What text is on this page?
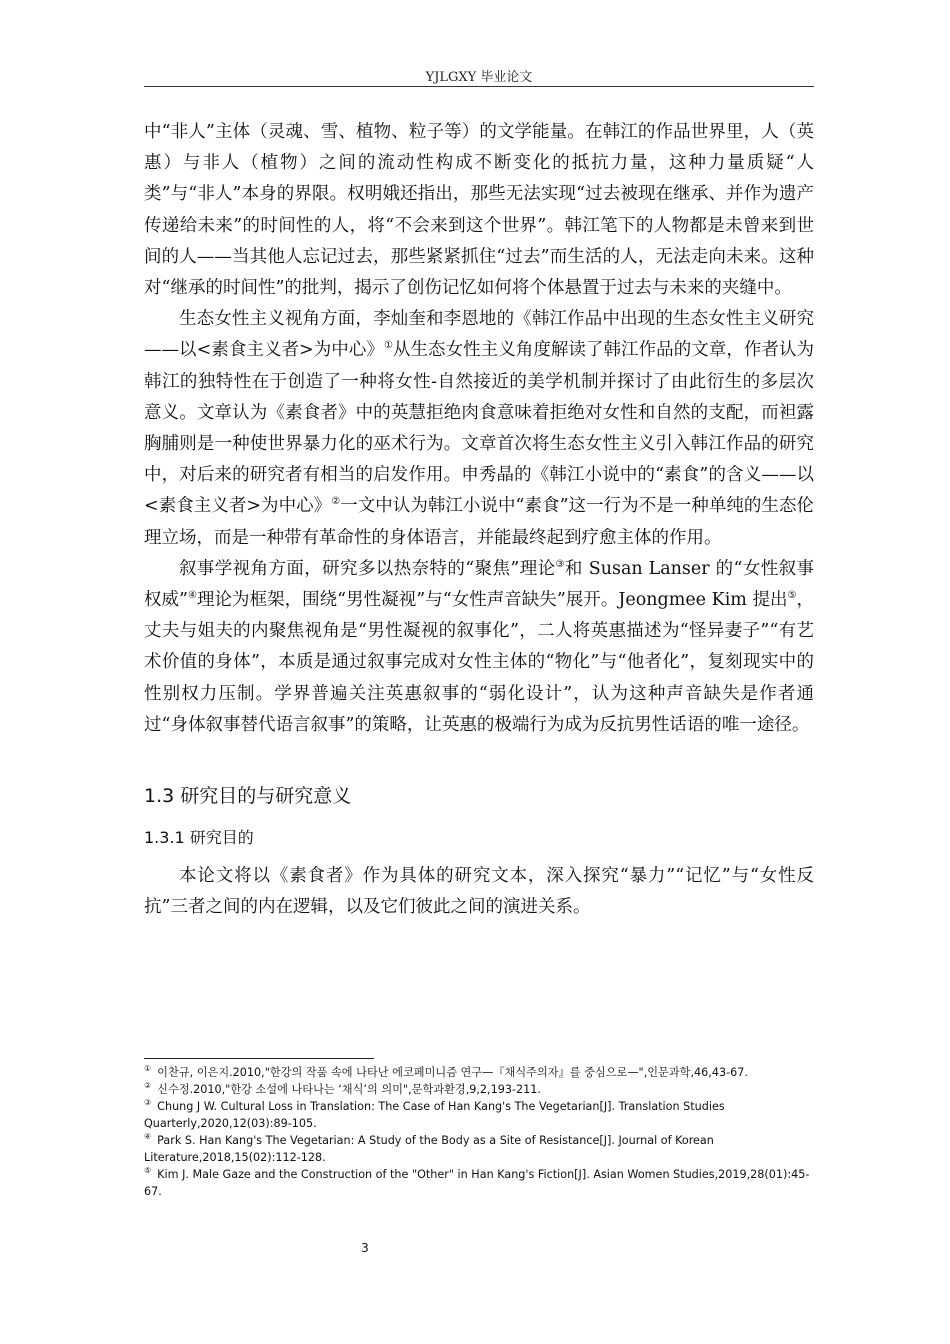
YJLGXY 毕业论文

中“非人”主体（灵魂、雪、植物、粒子等）的文学能量。在韩江的作品世界里，人（英惠）与非人（植物）之间的流动性构成不断变化的抵抗力量，这种力量质疑“人类”与“非人”本身的界限。权明娥还指出，那些无法实现“过去被现在继承、并作为遗产传递给未来”的时间性的人，将“不会来到这个世界”。韩江笔下的人物都是未曾来到世间的人——当其他人忘记过去，那些紧紧抓住“过去”而生活的人，无法走向未来。这种对“继承的时间性”的批判，揭示了创伤记忆如何将个体悬置于过去与未来的夹缝中。

生态女性主义视角方面，李灿奎和李恩地的《韩江作品中出现的生态女性主义研究——以<素食主义者>为中心》①从生态女性主义角度解读了韩江作品的文章，作者认为韩江的独特性在于创造了一种将女性-自然接近的美学机制并探讨了由此衍生的多层次意义。文章认为《素食者》中的英慧拒绝肉食意味着拒绝对女性和自然的支配，而袒露胸脯则是一种使世界暴力化的巫术行为。文章首次将生态女性主义引入韩江作品的研究中，对后来的研究者有相当的启发作用。申秀晶的《韩江小说中的“素食”的含义——以<素食主义者>为中心》②一文中认为韩江小说中“素食”这一行为不是一种单纯的生态伦理立场，而是一种带有革命性的身体语言，并能最终起到疗愈主体的作用。

叙事学视角方面，研究多以热奈特的“聚焦”理论③和 Susan Lanser 的“女性叙事权威”④理论为框架，围绕“男性凝视”与“女性声音缺失”展开。Jeongmee Kim 提出⑤，丈夫与姐夫的内聚焦视角是“男性凝视的叙事化”，二人将英惠描述为“怪异妻子”“有艺术价值的身体”，本质是通过叙事完成对女性主体的“物化”与“他者化”，复刻现实中的性别权力压制。学界普遍关注英惠叙事的“弱化设计”，认为这种声音缺失是作者通过“身体叙事替代语言叙事”的策略，让英惠的极端行为成为反抗男性话语的唯一途径。

1.3 研究目的与研究意义
1.3.1 研究目的

本论文将以《素食者》作为具体的研究文本，深入探究“暴力”“记忆”与“女性反抗”三者之间的内在逻辑，以及它们彼此之间的演进关系。

① 이찬규, 이은지.2010,"한강의 작품 속에 나타난 에코페미니즘 연구—『채식주의자』를 중심으로—",인문과학,46,43-67.

② 신수정.2010,"한강 소설에 나타나는 ‘채식’의 의미",문학과환경,9,2,193-211.

③ Chung J W. Cultural Loss in Translation: The Case of Han Kang's The Vegetarian[J]. Translation Studies Quarterly,2020,12(03):89-105.

④ Park S. Han Kang's The Vegetarian: A Study of the Body as a Site of Resistance[J]. Journal of Korean Literature,2018,15(02):112-128.

⑤ Kim J. Male Gaze and the Construction of the "Other" in Han Kang's Fiction[J]. Asian Women Studies,2019,28(01):45-67.

3
